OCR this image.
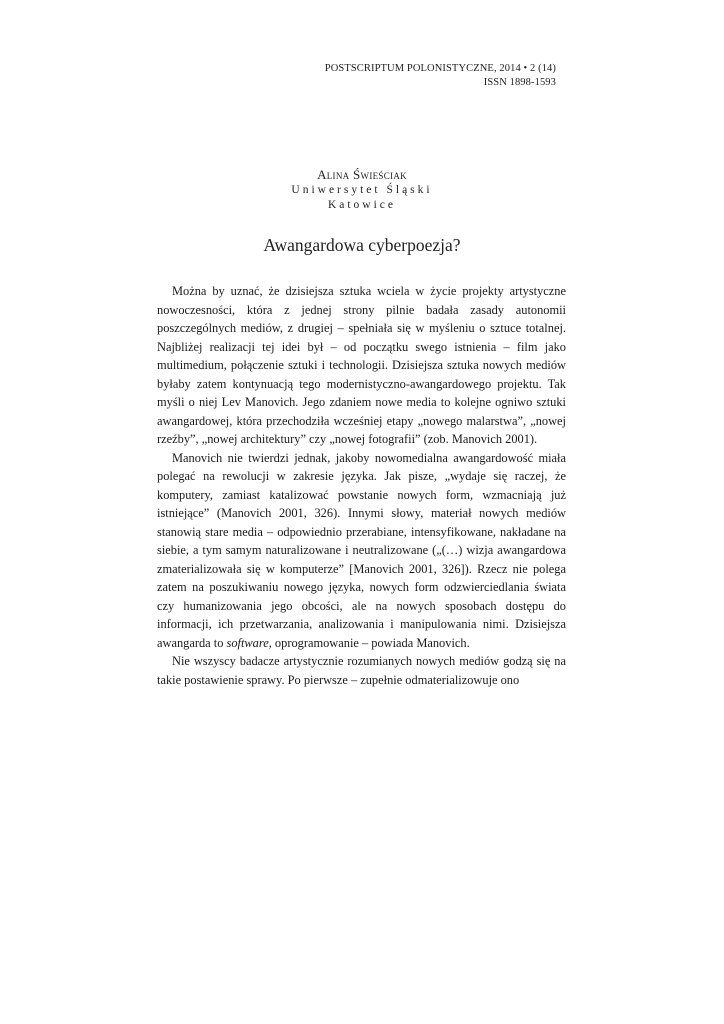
POSTSCRIPTUM POLONISTYCZNE, 2014 • 2 (14)
ISSN 1898-1593
Alina Świeściak
Uniwersytet Śląski
Katowice
Awangardowa cyberpoezja?

Można by uznać, że dzisiejsza sztuka wciela w życie projekty artystyczne nowoczesności, która z jednej strony pilnie badała zasady autonomii poszczególnych mediów, z drugiej – spełniała się w myśleniu o sztuce totalnej. Najbliżej realizacji tej idei był – od początku swego istnienia – film jako multimedium, połączenie sztuki i technologii. Dzisiejsza sztuka nowych mediów byłaby zatem kontynuacją tego modernistyczno-awangardowego projektu. Tak myśli o niej Lev Manovich. Jego zdaniem nowe media to kolejne ogniwo sztuki awangardowej, która przechodziła wcześniej etapy „nowego malarstwa”, „nowej rzeźby”, „nowej architektury” czy „nowej fotografii” (zob. Manovich 2001).

Manovich nie twierdzi jednak, jakoby nowomedialna awangardowość miała polegać na rewolucji w zakresie języka. Jak pisze, „wydaje się raczej, że komputery, zamiast katalizować powstanie nowych form, wzmacniają już istniejące” (Manovich 2001, 326). Innymi słowy, materiał nowych mediów stanowią stare media – odpowiednio przerabiane, intensyfikowane, nakładane na siebie, a tym samym naturalizowane i neutralizowane („(…) wizja awangardowa zmaterializowała się w komputerze” [Manovich 2001, 326]). Rzecz nie polega zatem na poszukiwaniu nowego języka, nowych form odzwierciedlania świata czy humanizowania jego obcości, ale na nowych sposobach dostępu do informacji, ich przetwarzania, analizowania i manipulowania nimi. Dzisiejsza awangarda to software, oprogramowanie – powiada Manovich.

Nie wszyscy badacze artystycznie rozumianych nowych mediów godzą się na takie postawienie sprawy. Po pierwsze – zupełnie odmaterializowuje ono
